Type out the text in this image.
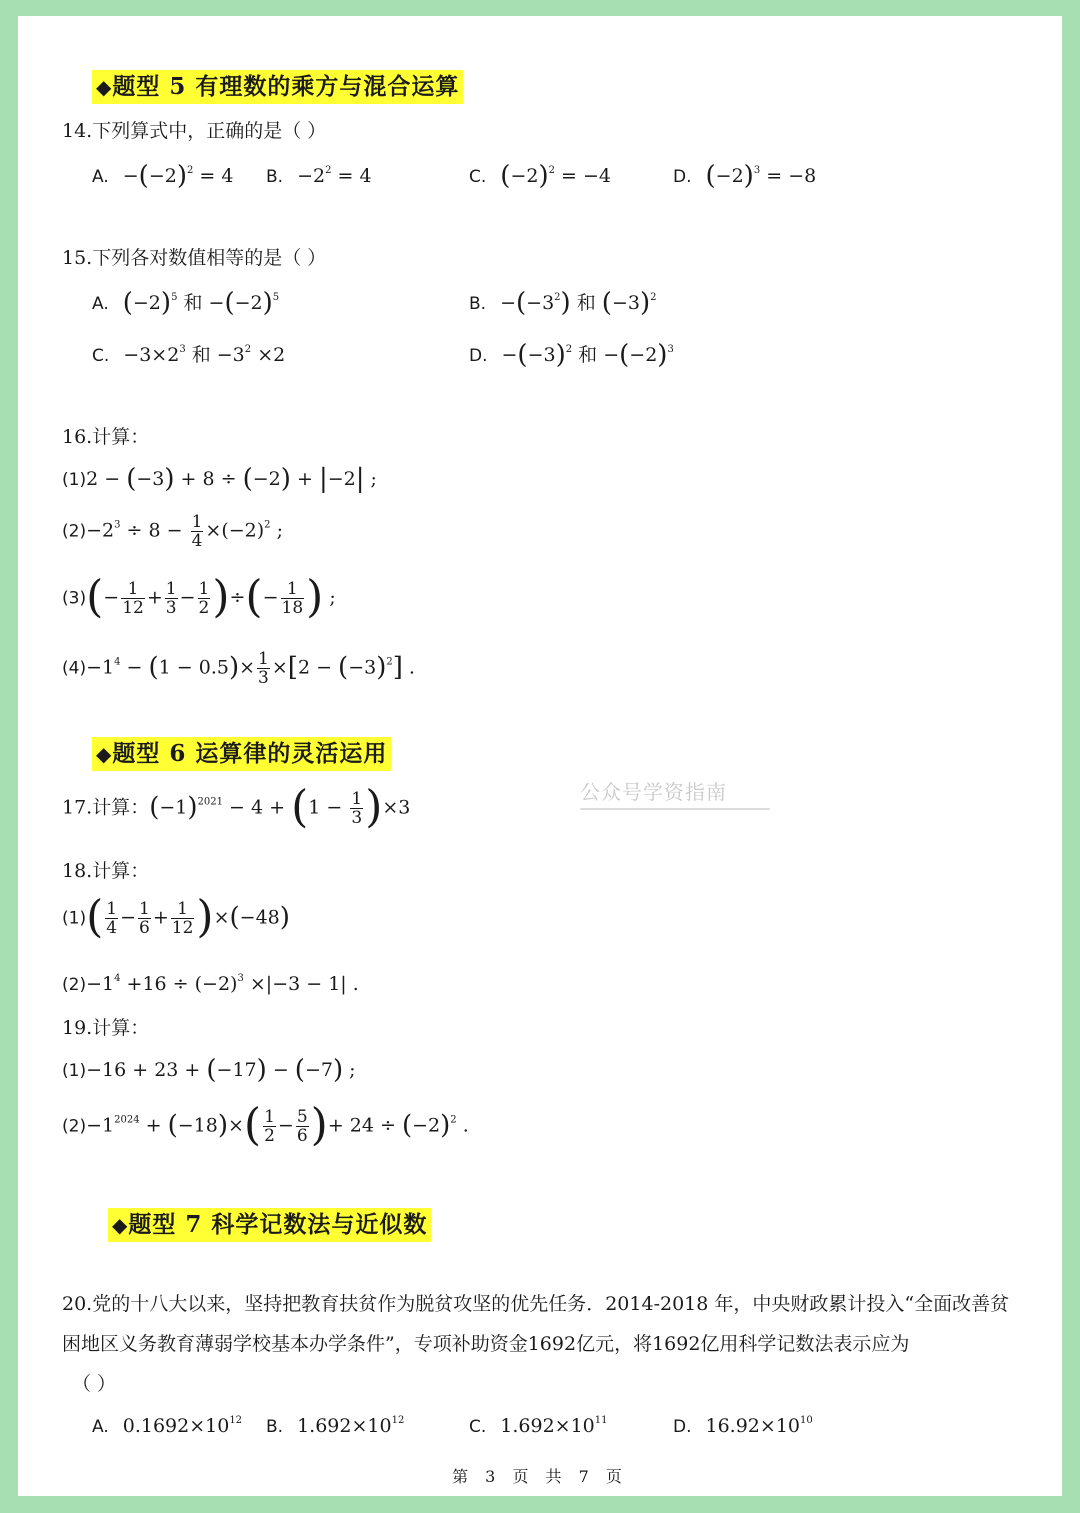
◆题型 5 有理数的乘方与混合运算
14.下列算式中，正确的是（ ）
A. $-(-2)^2 = 4$ B. $-2^2 = 4$	C. $(-2)^2 = -4$	D. $(-2)^3 = -8$
15.下列各对数值相等的是（ ）
A. $(-2)^5$ 和 $-(-2)^5$	B. $-(-3^2)$ 和 $(-3)^2$
C. $-3\times 2^3$ 和 $-3^2 \times 2$	D. $-(-3)^2$ 和 $-(-2)^3$
16.计算：
(1)2 − (−3) + 8 ÷ (−2) + |−2| ;
$(2)-2^3 \div 8 - \frac{1}{4} \times(-2)^2$ ;
$(3)(- \frac{1}{12} + \frac{1}{3} - \frac{1}{2}$ )÷(− $\frac{1}{18}$ ) ;
$(4)-1^4 - (1 - 0.5)\times \frac{1}{3} \times[2 - (-3)^2]$ .
◆题型 6 运算律的灵活运用
公众号学资指南
17.计算：$(-1)^{2021} - 4 + (1 - \frac{1}{3} )\times 3$
18.计算：
$(1)( \frac{1}{4} - \frac{1}{6} + \frac{1}{12} )\times(-48)$
$(2)-1^4 +16 \div (-2)^3 \times|-3 - 1|$ .
19.计算：
(1)−16 + 23 + (−17) − (−7) ;
$(2)-1^{2024} + (-18)\times( \frac{1}{2} - \frac{5}{6}$ )+ $24 \div (-2)^2$ .
◆题型 7 科学记数法与近似数
20.党的十八大以来，坚持把教育扶贫作为脱贫攻坚的优先任务．2014-2018 年，中央财政累计投入“全面改善贫困地区义务教育薄弱学校基本办学条件”，专项补助资金1692亿元，将1692亿用科学记数法表示应为
（ ）
A. $0.1692\times 10^{12}$ B. $1.692\times 10^{12}$	C. $1.692\times 10^{11}$	D. $16.92\times 10^{10}$
第 3 页 共 7 页
